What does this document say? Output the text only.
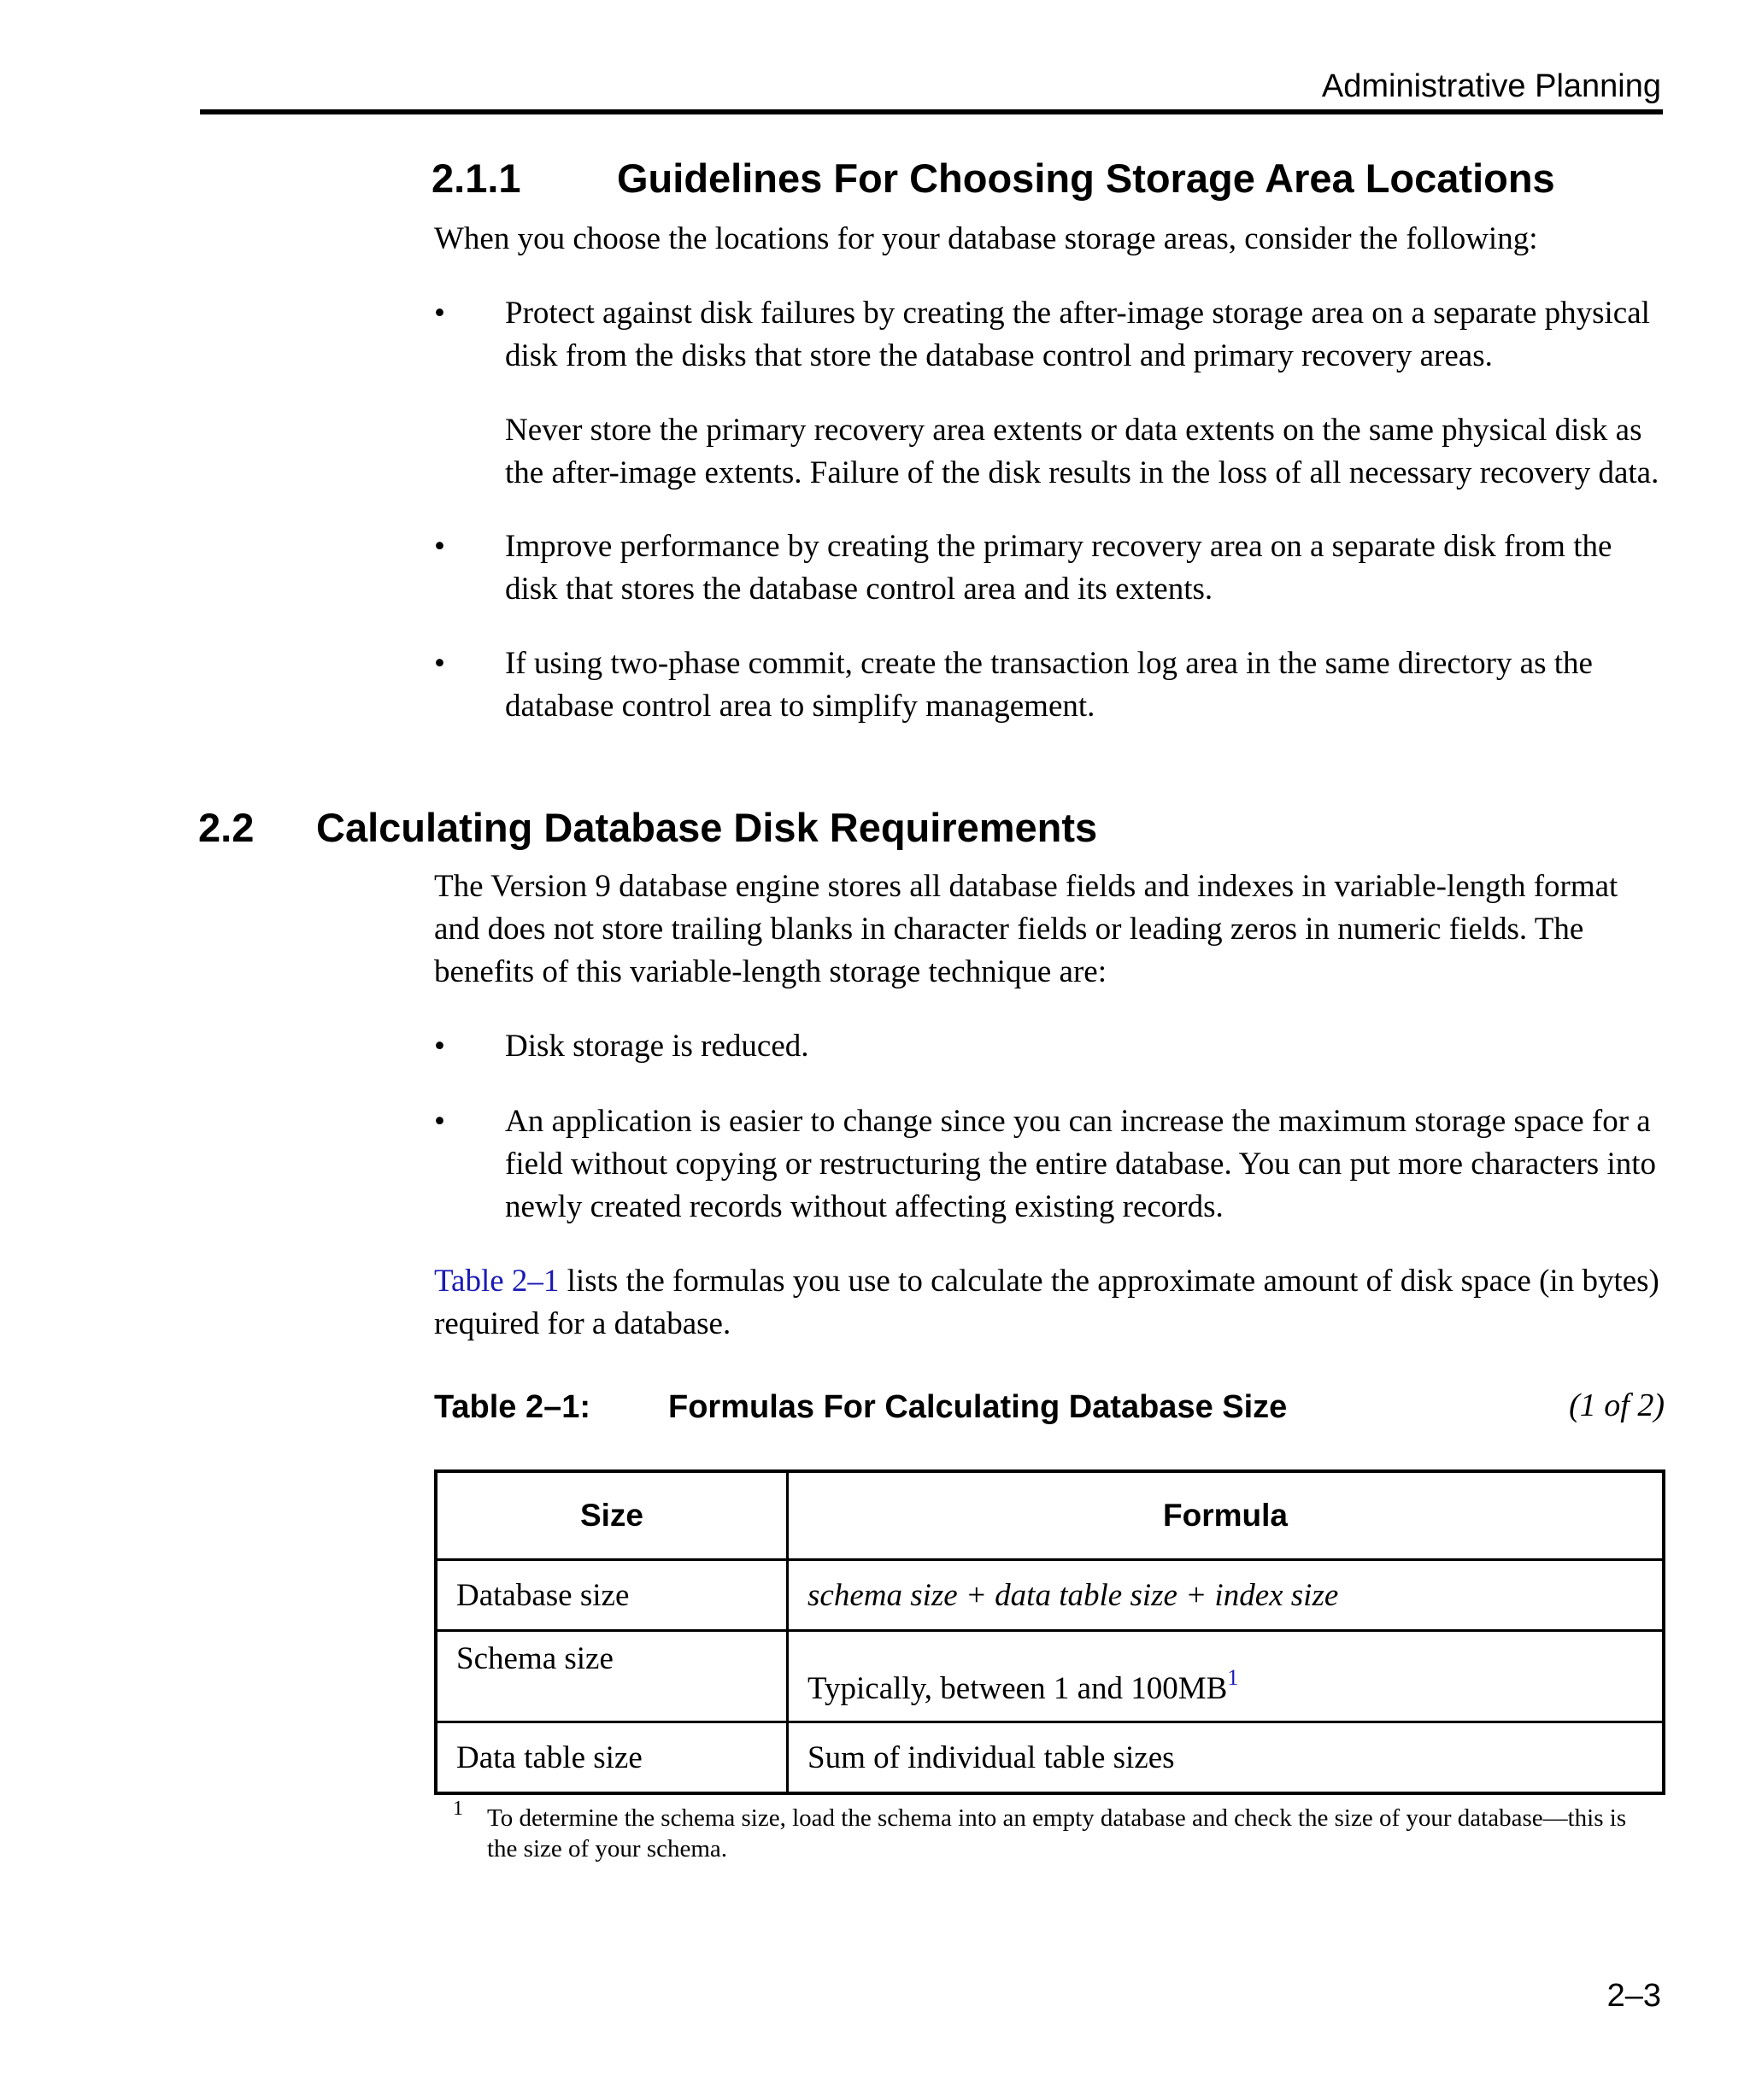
Administrative Planning
2.1.1 Guidelines For Choosing Storage Area Locations
When you choose the locations for your database storage areas, consider the following:
• Protect against disk failures by creating the after-image storage area on a separate physical disk from the disks that store the database control and primary recovery areas.
Never store the primary recovery area extents or data extents on the same physical disk as the after-image extents. Failure of the disk results in the loss of all necessary recovery data.
• Improve performance by creating the primary recovery area on a separate disk from the disk that stores the database control area and its extents.
• If using two-phase commit, create the transaction log area in the same directory as the database control area to simplify management.
2.2 Calculating Database Disk Requirements
The Version 9 database engine stores all database fields and indexes in variable-length format and does not store trailing blanks in character fields or leading zeros in numeric fields. The benefits of this variable-length storage technique are:
• Disk storage is reduced.
• An application is easier to change since you can increase the maximum storage space for a field without copying or restructuring the entire database. You can put more characters into newly created records without affecting existing records.
Table 2–1 lists the formulas you use to calculate the approximate amount of disk space (in bytes) required for a database.
Table 2–1: Formulas For Calculating Database Size	(1 of 2)
Size	Formula
Database size	schema size + data table size + index size
Schema size	Typically, between 1 and 100MB$^1$
Data table size	Sum of individual table sizes
1 To determine the schema size, load the schema into an empty database and check the size of your database—this is the size of your schema.
2–3
